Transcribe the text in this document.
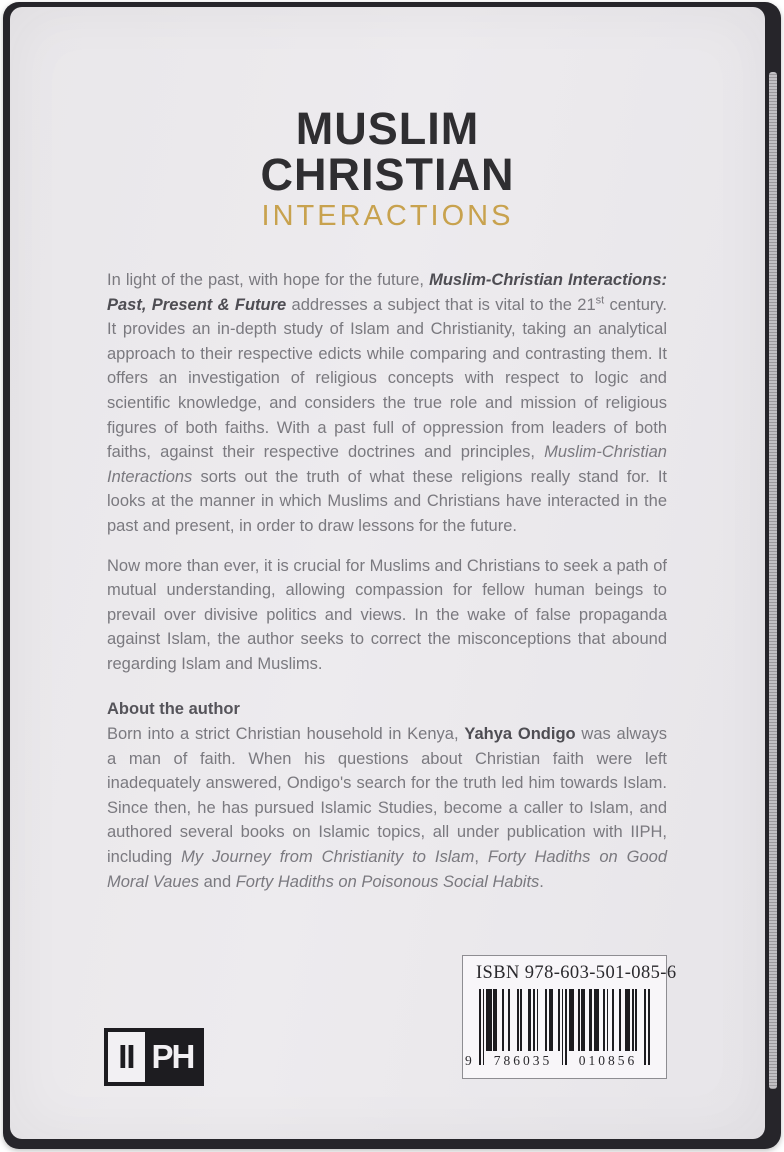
MUSLIM
CHRISTIAN
INTERACTIONS

In light of the past, with hope for the future, Muslim-Christian Interactions: Past, Present & Future addresses a subject that is vital to the 21st century. It provides an in-depth study of Islam and Christianity, taking an analytical approach to their respective edicts while comparing and contrasting them. It offers an investigation of religious concepts with respect to logic and scientific knowledge, and considers the true role and mission of religious figures of both faiths. With a past full of oppression from leaders of both faiths, against their respective doctrines and principles, Muslim-Christian Interactions sorts out the truth of what these religions really stand for. It looks at the manner in which Muslims and Christians have interacted in the past and present, in order to draw lessons for the future.

Now more than ever, it is crucial for Muslims and Christians to seek a path of mutual understanding, allowing compassion for fellow human beings to prevail over divisive politics and views. In the wake of false propaganda against Islam, the author seeks to correct the misconceptions that abound regarding Islam and Muslims.

About the author

Born into a strict Christian household in Kenya, Yahya Ondigo was always a man of faith. When his questions about Christian faith were left inadequately answered, Ondigo's search for the truth led him towards Islam. Since then, he has pursued Islamic Studies, become a caller to Islam, and authored several books on Islamic topics, all under publication with IIPH, including My Journey from Christianity to Islam, Forty Hadiths on Good Moral Vaues and Forty Hadiths on Poisonous Social Habits.

ISBN 978-603-501-085-6
9	786035	010856
II PH
